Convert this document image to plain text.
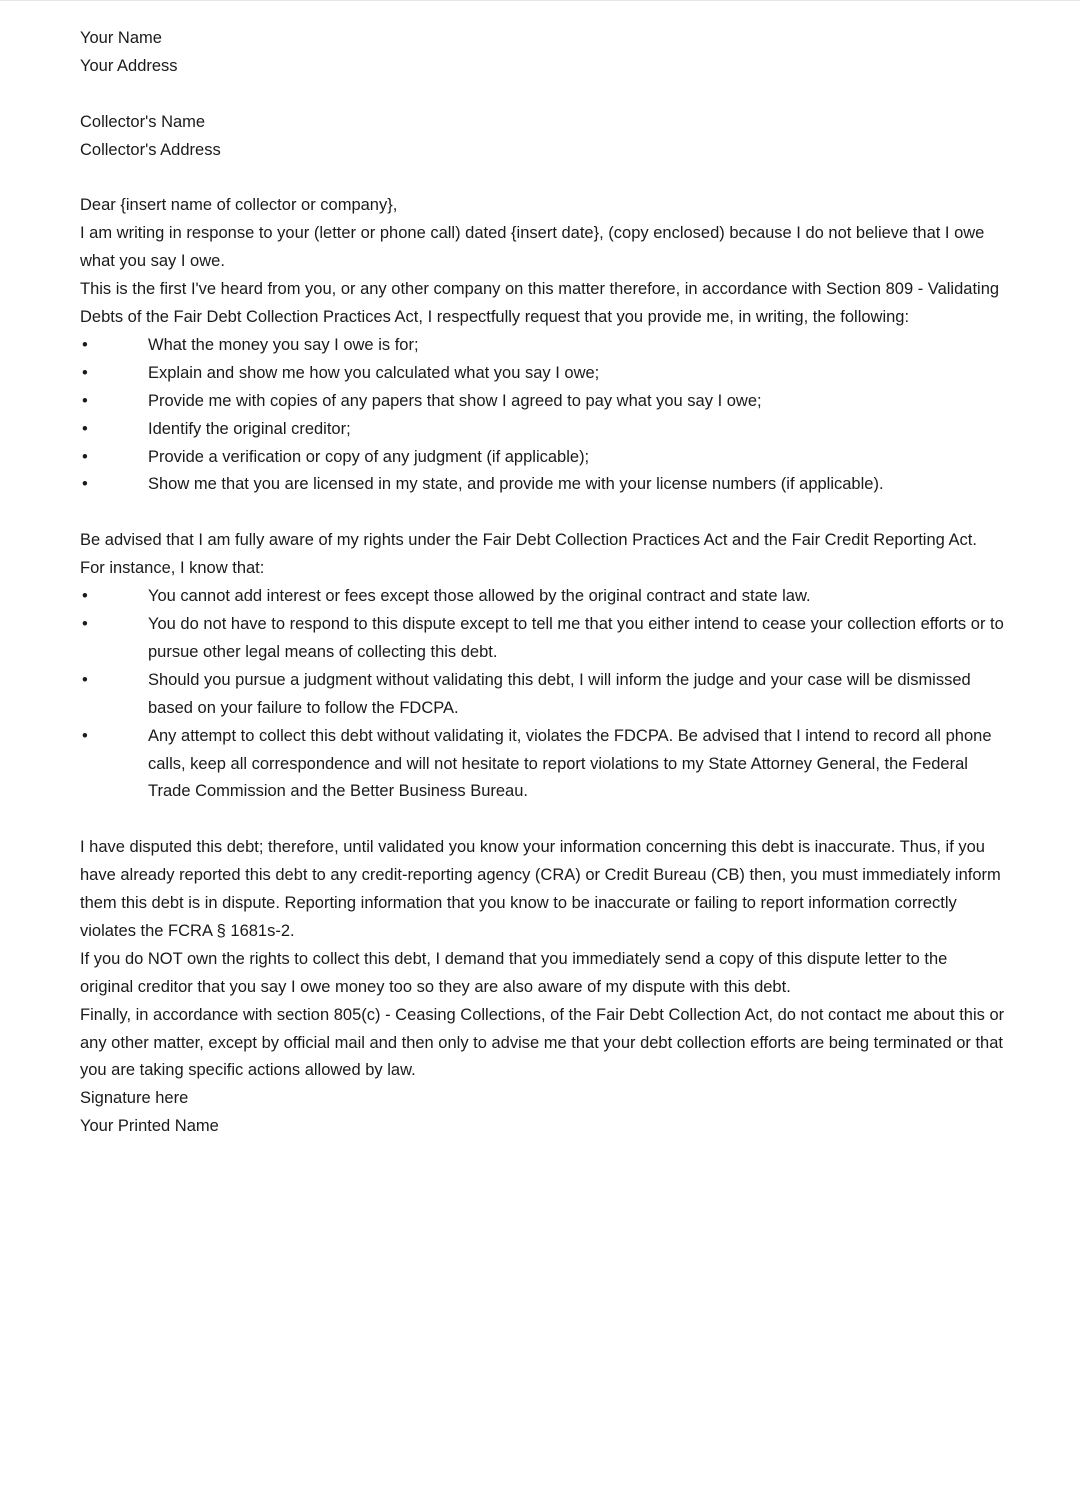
Your Name

Your Address

Collector's Name

Collector's Address

Dear {insert name of collector or company},

I am writing in response to your (letter or phone call) dated {insert date}, (copy enclosed) because I do not believe that I owe what you say I owe.

This is the first I've heard from you, or any other company on this matter therefore, in accordance with Section 809 - Validating Debts of the Fair Debt Collection Practices Act, I respectfully request that you provide me, in writing, the following:

•	What the money you say I owe is for;
•	Explain and show me how you calculated what you say I owe;
•	Provide me with copies of any papers that show I agreed to pay what you say I owe;
•	Identify the original creditor;
•	Provide a verification or copy of any judgment (if applicable);
•	Show me that you are licensed in my state, and provide me with your license numbers (if applicable).

Be advised that I am fully aware of my rights under the Fair Debt Collection Practices Act and the Fair Credit Reporting Act. For instance, I know that:

•	You cannot add interest or fees except those allowed by the original contract and state law.
•	You do not have to respond to this dispute except to tell me that you either intend to cease your collection efforts or to pursue other legal means of collecting this debt.
•	Should you pursue a judgment without validating this debt, I will inform the judge and your case will be dismissed based on your failure to follow the FDCPA.
•	Any attempt to collect this debt without validating it, violates the FDCPA. Be advised that I intend to record all phone calls, keep all correspondence and will not hesitate to report violations to my State Attorney General, the Federal Trade Commission and the Better Business Bureau.

I have disputed this debt; therefore, until validated you know your information concerning this debt is inaccurate. Thus, if you have already reported this debt to any credit-reporting agency (CRA) or Credit Bureau (CB) then, you must immediately inform them this debt is in dispute. Reporting information that you know to be inaccurate or failing to report information correctly violates the FCRA § 1681s-2.

If you do NOT own the rights to collect this debt, I demand that you immediately send a copy of this dispute letter to the original creditor that you say I owe money too so they are also aware of my dispute with this debt.

Finally, in accordance with section 805(c) - Ceasing Collections, of the Fair Debt Collection Act, do not contact me about this or any other matter, except by official mail and then only to advise me that your debt collection efforts are being terminated or that you are taking specific actions allowed by law.

Signature here

Your Printed Name
